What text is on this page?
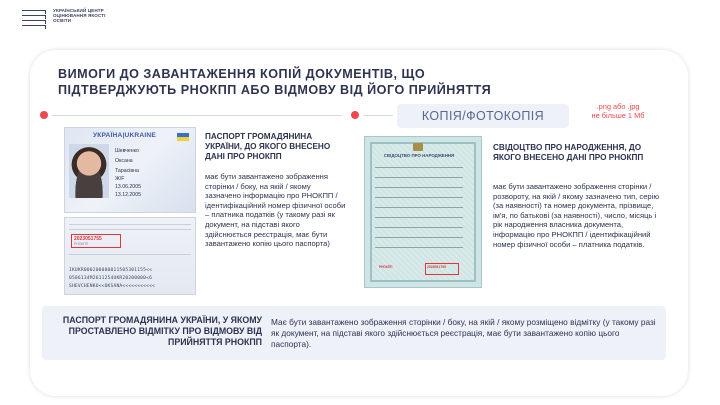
УКРАЇНСЬКИЙ ЦЕНТР ОЦІНЮВАННЯ ЯКОСТІ ОСВІТИ
ВИМОГИ ДО ЗАВАНТАЖЕННЯ КОПІЙ ДОКУМЕНТІВ, ЩО ПІДТВЕРДЖУЮТЬ РНОКПП АБО ВІДМОВУ ВІД ЙОГО ПРИЙНЯТТЯ
КОПІЯ/ФОТОКОПІЯ
.png або .jpg
не більше 1 Мб
УКРАЇНА|UKRAINE
Шевченко
Оксана
Тарасівна
Ж/F
13.06.2005
13.12.2005
2023051755
РНОКПП
IKUKR000200000011505301155<<
0506134M2611254UKR20200000<6
SHEVCHENKO<<OKSANA<<<<<<<<<<<
ПАСПОРТ ГРОМАДЯНИНА УКРАЇНИ, ДО ЯКОГО ВНЕСЕНО ДАНІ ПРО РНОКПП
має бути завантажено зображення сторінки / боку, на якій / якому зазначено інформацію про РНОКПП / ідентифікаційний номер фізичної особи – платника податків (у такому разі як документ, на підставі якого здійснюється реєстрація, має бути завантажено копію цього паспорта)
СВІДОЦТВО ПРО НАРОДЖЕННЯ
РНОКПП	2023051755
СВІДОЦТВО ПРО НАРОДЖЕННЯ, ДО ЯКОГО ВНЕСЕНО ДАНІ ПРО РНОКПП
має бути завантажено зображення сторінки / розвороту, на якій / якому зазначено тип, серію (за наявності) та номер документа, прізвище, ім'я, по батькові (за наявності), число, місяць і рік народження власника документа, інформацію про РНОКПП / ідентифікаційний номер фізичної особи – платника податків.
ПАСПОРТ ГРОМАДЯНИНА УКРАЇНИ, У ЯКОМУ ПРОСТАВЛЕНО ВІДМІТКУ ПРО ВІДМОВУ ВІД ПРИЙНЯТТЯ РНОКПП
Має бути завантажено зображення сторінки / боку, на якій / якому розміщено відмітку (у такому разі як документ, на підставі якого здійснюється реєстрація, має бути завантажено копію цього паспорта).
